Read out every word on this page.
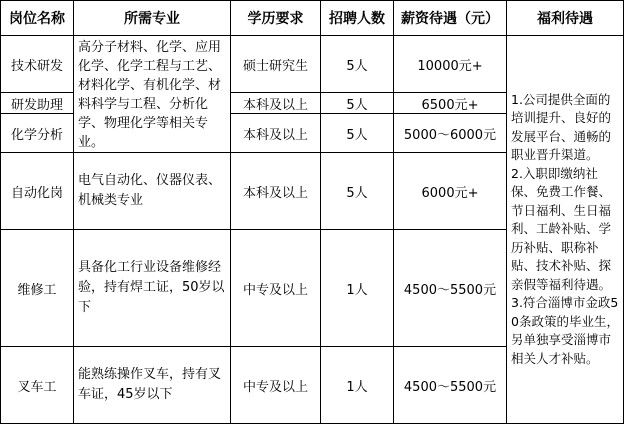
岗位名称	所需专业	学历要求	招聘人数	薪资待遇（元）	福利待遇
技术研发	高分子材料、化学、应用化学、化学工程与工艺、材料化学、有机化学、材料科学与工程、分析化学、物理化学等相关专业。	硕士研究生	5人	10000元+	1.公司提供全面的培训提升、良好的发展平台、通畅的职业晋升渠道。
2.入职即缴纳社保、免费工作餐、节日福利、生日福利、工龄补贴、学历补贴、职称补贴、技术补贴、探亲假等福利待遇。
3.符合淄博市金政50条政策的毕业生，另单独享受淄博市相关人才补贴。

研发助理		本科及以上	5人	6500元+	
化学分析		本科及以上	5人	5000～6000元	
自动化岗	电气自动化、仪器仪表、机械类专业	本科及以上	5人	6000元+	
维修工	具备化工行业设备维修经验，持有焊工证，50岁以下	中专及以上	1人	4500～5500元	
叉车工	能熟练操作叉车，持有叉车证，45岁以下	中专及以上	1人	4500～5500元	
